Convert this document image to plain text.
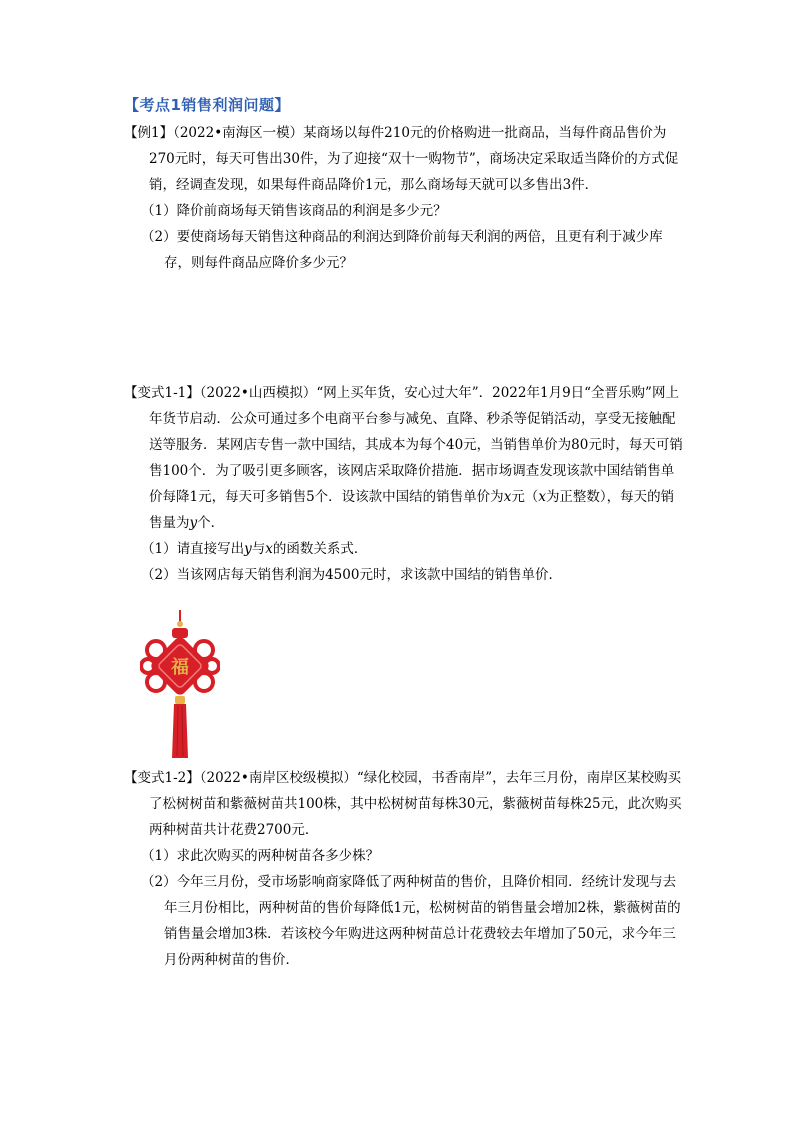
【考点1销售利润问题】

【例1】（2022•南海区一模）某商场以每件210元的价格购进一批商品，当每件商品售价为270元时，每天可售出30件，为了迎接“双十一购物节”，商场决定采取适当降价的方式促销，经调查发现，如果每件商品降价1元，那么商场每天就可以多售出3件．

（1）降价前商场每天销售该商品的利润是多少元？

（2）要使商场每天销售这种商品的利润达到降价前每天利润的两倍，且更有利于减少库存，则每件商品应降价多少元？

【变式1-1】（2022•山西模拟）“网上买年货，安心过大年”．2022年1月9日“全晋乐购”网上年货节启动．公众可通过多个电商平台参与减免、直降、秒杀等促销活动，享受无接触配送等服务．某网店专售一款中国结，其成本为每个40元，当销售单价为80元时，每天可销售100个．为了吸引更多顾客，该网店采取降价措施．据市场调查发现该款中国结销售单价每降1元，每天可多销售5个．设该款中国结的销售单价为x元（x为正整数），每天的销售量为y个．

（1）请直接写出y与x的函数关系式．

（2）当该网店每天销售利润为4500元时，求该款中国结的销售单价．

福

【变式1-2】（2022•南岸区校级模拟）“绿化校园，书香南岸”，去年三月份，南岸区某校购买了松树树苗和紫薇树苗共100株，其中松树树苗每株30元，紫薇树苗每株25元，此次购买两种树苗共计花费2700元．

（1）求此次购买的两种树苗各多少株？

（2）今年三月份，受市场影响商家降低了两种树苗的售价，且降价相同．经统计发现与去年三月份相比，两种树苗的售价每降低1元，松树树苗的销售量会增加2株，紫薇树苗的销售量会增加3株．若该校今年购进这两种树苗总计花费较去年增加了50元，求今年三月份两种树苗的售价．
